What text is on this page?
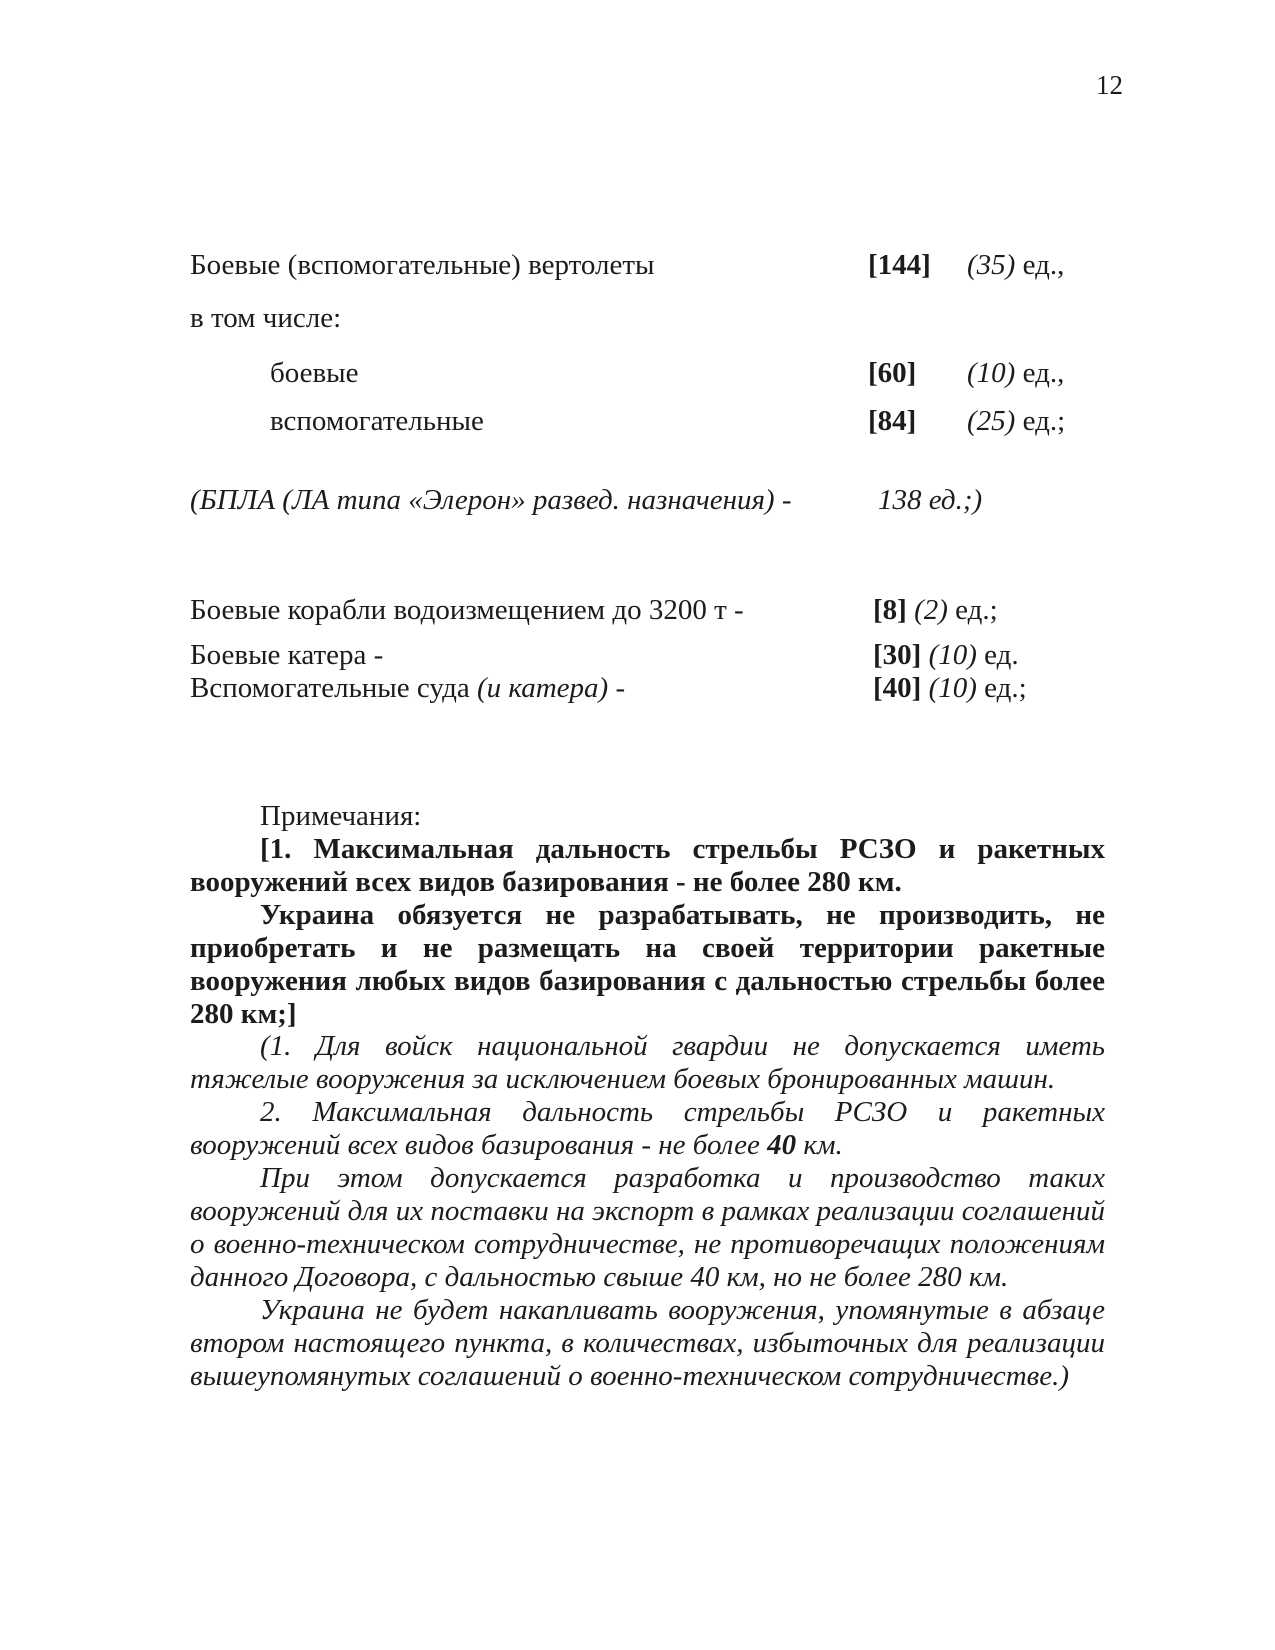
12
Боевые (вспомогательные) вертолеты	[144] (35) ед.,
в том числе:
боевые	[60] (10) ед.,
вспомогательные	[84] (25) ед.;
(БПЛА (ЛА типа «Элерон» развед. назначения) -	138 ед.;)
Боевые корабли водоизмещением до 3200 т -	[8] (2) ед.;
Боевые катера -	[30] (10) ед.
Вспомогательные суда (и катера) -	[40] (10) ед.;

Примечания:

[1. Максимальная дальность стрельбы РСЗО и ракетных вооружений всех видов базирования - не более 280 км.

Украина обязуется не разрабатывать, не производить, не приобретать и не размещать на своей территории ракетные вооружения любых видов базирования с дальностью стрельбы более 280 км;]

(1. Для войск национальной гвардии не допускается иметь тяжелые вооружения за исключением боевых бронированных машин.

2. Максимальная дальность стрельбы РСЗО и ракетных вооружений всех видов базирования - не более 40 км.

При этом допускается разработка и производство таких вооружений для их поставки на экспорт в рамках реализации соглашений о военно-техническом сотрудничестве, не противоречащих положениям данного Договора, с дальностью свыше 40 км, но не более 280 км.

Украина не будет накапливать вооружения, упомянутые в абзаце втором настоящего пункта, в количествах, избыточных для реализации вышеупомянутых соглашений о военно-техническом сотрудничестве.)
